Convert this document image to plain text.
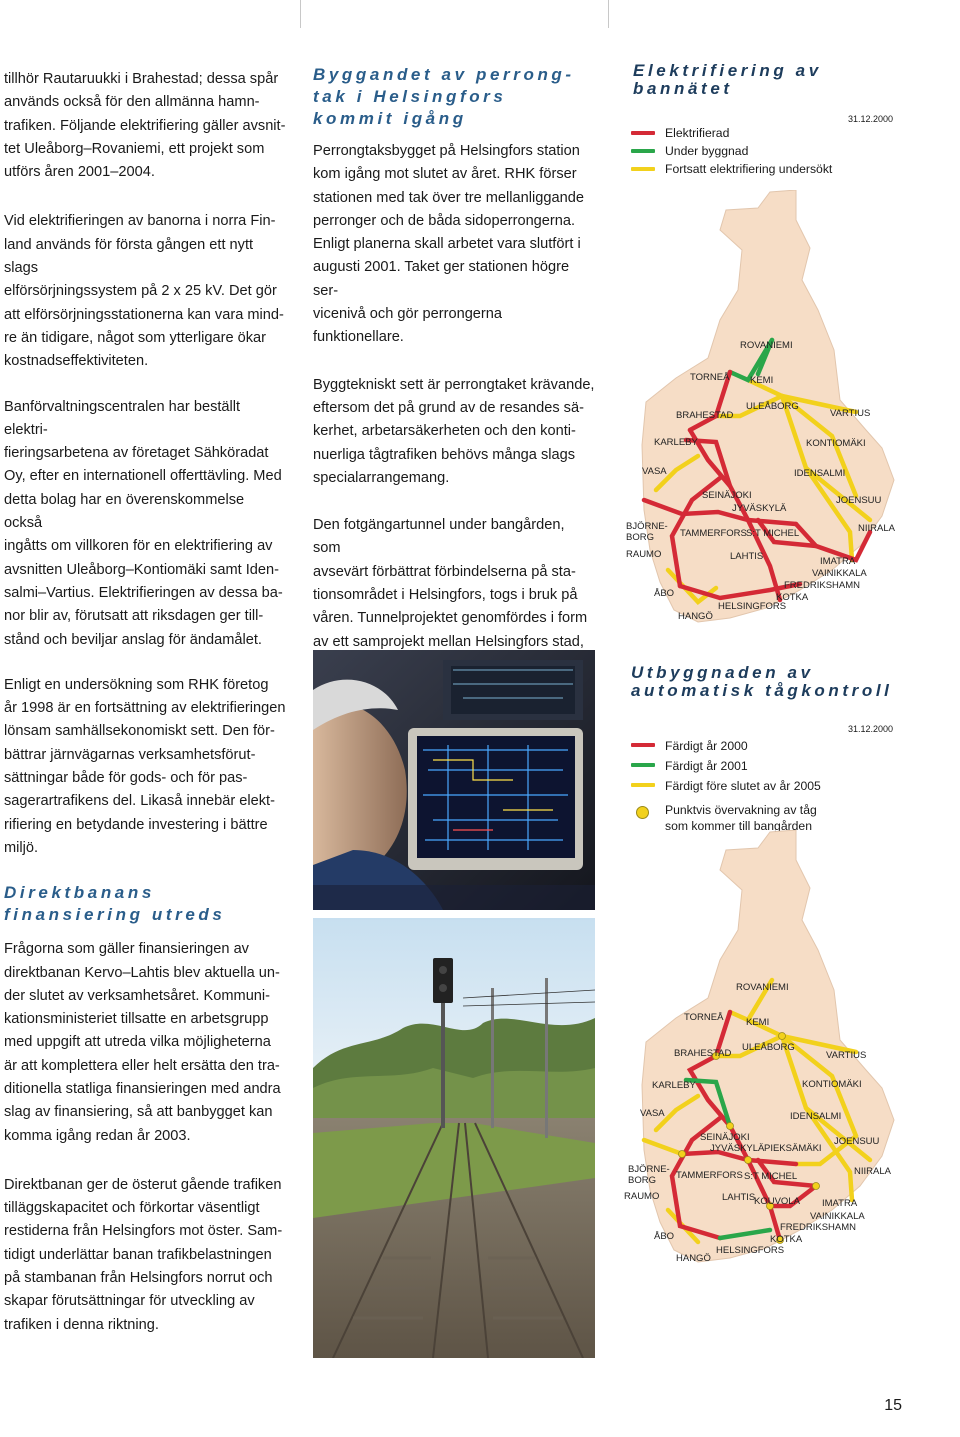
tillhör Rautaruukki i Brahestad; dessa spår
används också för den allmänna hamn-
trafiken. Följande elektrifiering gäller avsnit-
tet Uleåborg–Rovaniemi, ett projekt som
utförs åren 2001–2004.

Vid elektrifieringen av banorna i norra Fin-
land används för första gången ett nytt slags
elförsörjningssystem på 2 x 25 kV. Det gör
att elförsörjningsstationerna kan vara mind-
re än tidigare, något som ytterligare ökar
kostnadseffektiviteten.

Banförvaltningscentralen har beställt elektri-
fieringsarbetena av företaget Sähköradat
Oy, efter en internationell offerttävling. Med
detta bolag har en överenskommelse också
ingåtts om villkoren för en elektrifiering av
avsnitten Uleåborg–Kontiomäki samt Iden-
salmi–Vartius. Elektrifieringen av dessa ba-
nor blir av, förutsatt att riksdagen ger till-
stånd och beviljar anslag för ändamålet.

Enligt en undersökning som RHK företog
år 1998 är en fortsättning av elektrifieringen
lönsam samhällsekonomiskt sett. Den för-
bättrar järnvägarnas verksamhetsförut-
sättningar både för gods- och för pas-
sagerartrafikens del. Likaså innebär elekt-
rifiering en betydande investering i bättre
miljö.

Direktbanans
finansiering utreds

Frågorna som gäller finansieringen av
direktbanan Kervo–Lahtis blev aktuella un-
der slutet av verksamhetsåret. Kommuni-
kationsministeriet tillsatte en arbetsgrupp
med uppgift att utreda vilka möjligheterna
är att komplettera eller helt ersätta den tra-
ditionella statliga finansieringen med andra
slag av finansiering, så att banbygget kan
komma igång redan år 2003.

Direktbanan ger de österut gående trafiken
tilläggskapacitet och förkortar väsentligt
restiderna från Helsingfors mot öster. Sam-
tidigt underlättar banan trafikbelastningen
på stambanan från Helsingfors norrut och
skapar förutsättningar för utveckling av
trafiken i denna riktning.

Byggandet av perrong-
tak i Helsingfors
kommit igång

Perrongtaksbygget på Helsingfors station
kom igång mot slutet av året. RHK förser
stationen med tak över tre mellanliggande
perronger och de båda sidoperrongerna.
Enligt planerna skall arbetet vara slutfört i
augusti 2001. Taket ger stationen högre ser-
vicenivå och gör perrongerna funktionellare.

Byggtekniskt sett är perrongtaket krävande,
eftersom det på grund av de resandes sä-
kerhet, arbetarsäkerheten och den konti-
nuerliga tågtrafiken behövs många slags
specialarrangemang.

Den fotgängartunnel under bangården, som
avsevärt förbättrat förbindelserna på sta-
tionsområdet i Helsingfors, togs i bruk på
våren. Tunnelprojektet genomfördes i form
av ett samprojekt mellan Helsingfors stad,

Elektrifiering av
bannätet
31.12.2000
Elektrifierad
Under byggnad
Fortsatt elektrifiering undersökt
ROVANIEMI
TORNEÅ KEMI
BRAHESTAD
ULEÅBORG
VARTIUS
KARLEBY	KONTIOMÄKI
VASA	IDENSALMI
SEINÄJOKI	JOENSUU
JYVÄSKYLÄ
BJÖRNE-
BORG	TAMMERFORS S:T MICHEL	NIIRALA
RAUMO	LAHTIS	IMATRA
VAINIKKALA
FREDRIKSHAMN
ÅBO	KOTKA
HELSINGFORS
HANGÖ
Utbyggnaden av
automatisk tågkontroll
31.12.2000
Färdigt år 2000
Färdigt år 2001
Färdigt före slutet av år 2005
Punktvis övervakning av tåg
som kommer till bangården
ROVANIEMI
TORNEÅ KEMI
BRAHESTAD
ULEÅBORG
VARTIUS
KARLEBY	KONTIOMÄKI
VASA	IDENSALMI
SEINÄJOKI	JOENSUU
JYVÄSKYLÄ PIEKSÄMÄKI
BJÖRNE-
BORG TAMMERFORS S:T MICHEL	NIIRALA
RAUMO	LAHTIS
KOUVOLA IMATRA
VAINIKKALA
FREDRIKSHAMN
ÅBO	KOTKA
HELSINGFORS
HANGÖ
15
